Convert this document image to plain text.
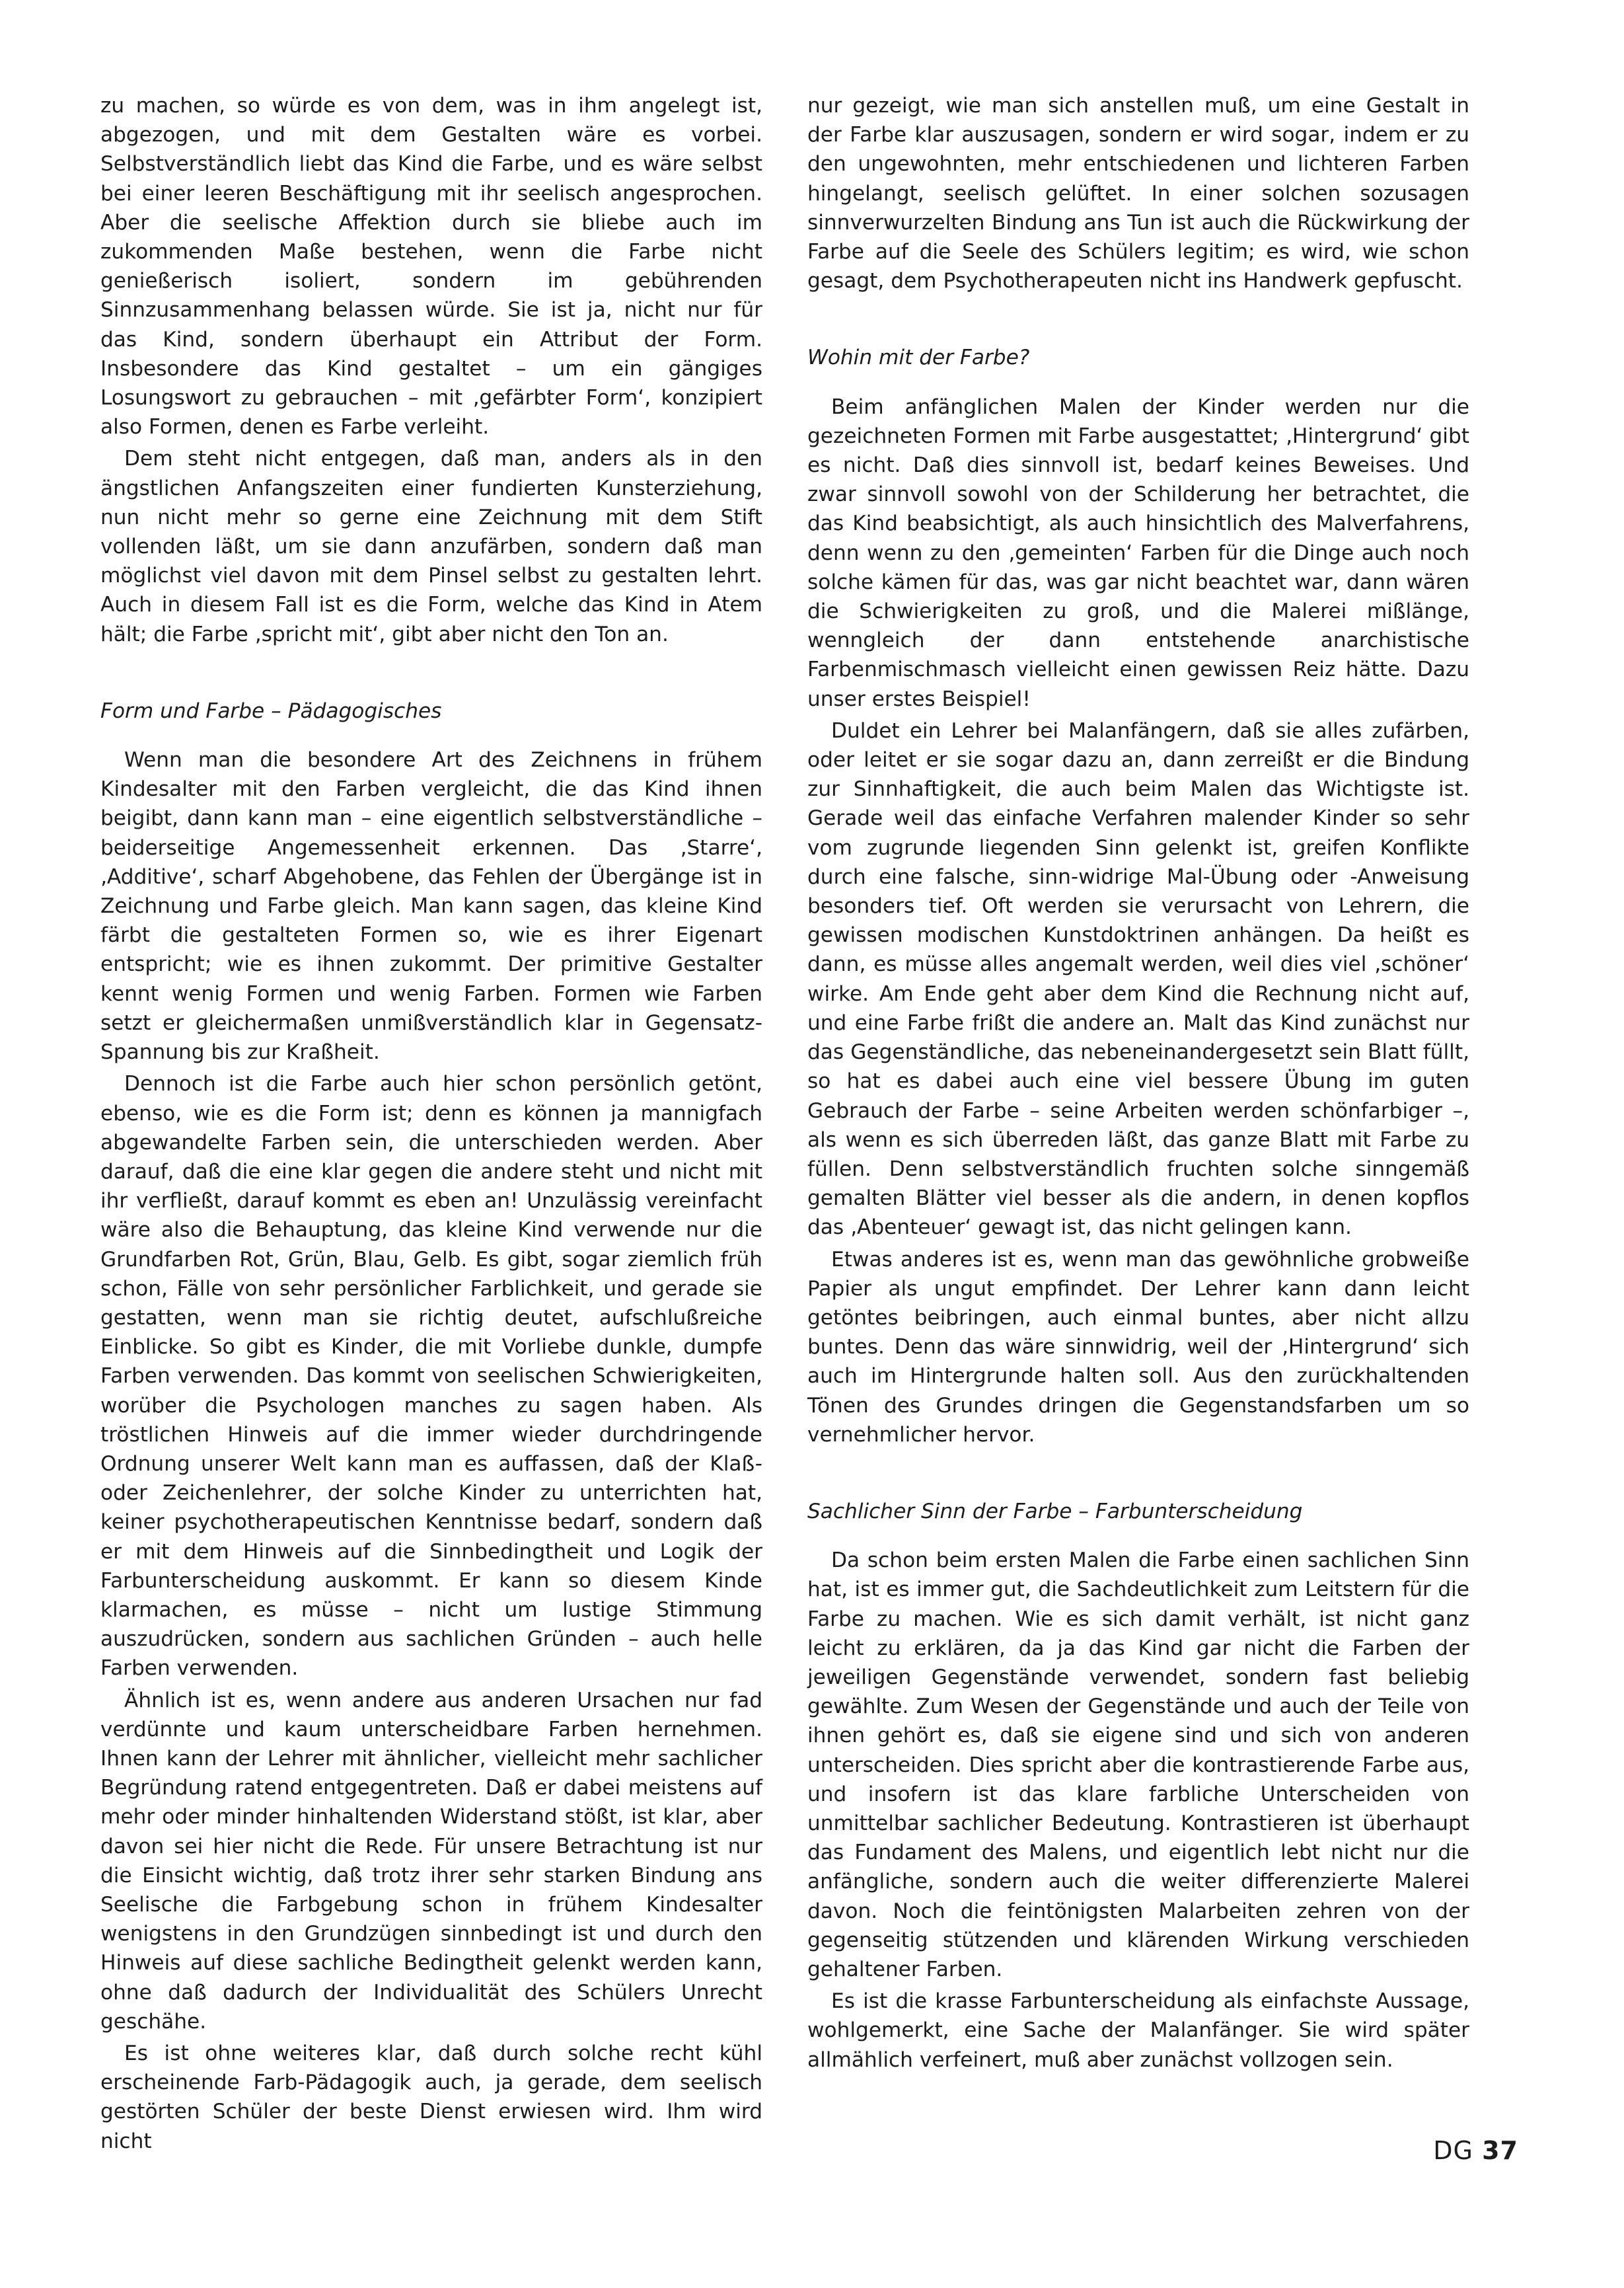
zu machen, so würde es von dem, was in ihm angelegt ist, abgezogen, und mit dem Gestalten wäre es vorbei. Selbstverständlich liebt das Kind die Farbe, und es wäre selbst bei einer leeren Beschäftigung mit ihr seelisch angesprochen. Aber die seelische Affektion durch sie bliebe auch im zukommenden Maße bestehen, wenn die Farbe nicht genießerisch isoliert, sondern im gebührenden Sinnzusammenhang belassen würde. Sie ist ja, nicht nur für das Kind, sondern überhaupt ein Attribut der Form. Insbesondere das Kind gestaltet – um ein gängiges Losungswort zu gebrauchen – mit ‚gefärbter Form‘, konzipiert also Formen, denen es Farbe verleiht.

Dem steht nicht entgegen, daß man, anders als in den ängstlichen Anfangszeiten einer fundierten Kunsterziehung, nun nicht mehr so gerne eine Zeichnung mit dem Stift vollenden läßt, um sie dann anzufärben, sondern daß man möglichst viel davon mit dem Pinsel selbst zu gestalten lehrt. Auch in diesem Fall ist es die Form, welche das Kind in Atem hält; die Farbe ‚spricht mit‘, gibt aber nicht den Ton an.

Form und Farbe – Pädagogisches

Wenn man die besondere Art des Zeichnens in frühem Kindesalter mit den Farben vergleicht, die das Kind ihnen beigibt, dann kann man – eine eigentlich selbstverständliche – beiderseitige Angemessenheit erkennen. Das ‚Starre‘, ‚Additive‘, scharf Abgehobene, das Fehlen der Übergänge ist in Zeichnung und Farbe gleich. Man kann sagen, das kleine Kind färbt die gestalteten Formen so, wie es ihrer Eigenart entspricht; wie es ihnen zukommt. Der primitive Gestalter kennt wenig Formen und wenig Farben. Formen wie Farben setzt er gleichermaßen unmißverständlich klar in Gegensatz-Spannung bis zur Kraßheit.

Dennoch ist die Farbe auch hier schon persönlich getönt, ebenso, wie es die Form ist; denn es können ja mannigfach abgewandelte Farben sein, die unterschieden werden. Aber darauf, daß die eine klar gegen die andere steht und nicht mit ihr verfließt, darauf kommt es eben an! Unzulässig vereinfacht wäre also die Behauptung, das kleine Kind verwende nur die Grundfarben Rot, Grün, Blau, Gelb. Es gibt, sogar ziemlich früh schon, Fälle von sehr persönlicher Farblichkeit, und gerade sie gestatten, wenn man sie richtig deutet, aufschlußreiche Einblicke. So gibt es Kinder, die mit Vorliebe dunkle, dumpfe Farben verwenden. Das kommt von seelischen Schwierigkeiten, worüber die Psychologen manches zu sagen haben. Als tröstlichen Hinweis auf die immer wieder durchdringende Ordnung unserer Welt kann man es auffassen, daß der Klaß- oder Zeichenlehrer, der solche Kinder zu unterrichten hat, keiner psychotherapeutischen Kenntnisse bedarf, sondern daß er mit dem Hinweis auf die Sinnbedingtheit und Logik der Farbunterscheidung auskommt. Er kann so diesem Kinde klarmachen, es müsse – nicht um lustige Stimmung auszudrücken, sondern aus sachlichen Gründen – auch helle Farben verwenden.

Ähnlich ist es, wenn andere aus anderen Ursachen nur fad verdünnte und kaum unterscheidbare Farben hernehmen. Ihnen kann der Lehrer mit ähnlicher, vielleicht mehr sachlicher Begründung ratend entgegentreten. Daß er dabei meistens auf mehr oder minder hinhaltenden Widerstand stößt, ist klar, aber davon sei hier nicht die Rede. Für unsere Betrachtung ist nur die Einsicht wichtig, daß trotz ihrer sehr starken Bindung ans Seelische die Farbgebung schon in frühem Kindesalter wenigstens in den Grundzügen sinnbedingt ist und durch den Hinweis auf diese sachliche Bedingtheit gelenkt werden kann, ohne daß dadurch der Individualität des Schülers Unrecht geschähe.

Es ist ohne weiteres klar, daß durch solche recht kühl erscheinende Farb-Pädagogik auch, ja gerade, dem seelisch gestörten Schüler der beste Dienst erwiesen wird. Ihm wird nicht

nur gezeigt, wie man sich anstellen muß, um eine Gestalt in der Farbe klar auszusagen, sondern er wird sogar, indem er zu den ungewohnten, mehr entschiedenen und lichteren Farben hingelangt, seelisch gelüftet. In einer solchen sozusagen sinnverwurzelten Bindung ans Tun ist auch die Rückwirkung der Farbe auf die Seele des Schülers legitim; es wird, wie schon gesagt, dem Psychotherapeuten nicht ins Handwerk gepfuscht.

Wohin mit der Farbe?

Beim anfänglichen Malen der Kinder werden nur die gezeichneten Formen mit Farbe ausgestattet; ‚Hintergrund‘ gibt es nicht. Daß dies sinnvoll ist, bedarf keines Beweises. Und zwar sinnvoll sowohl von der Schilderung her betrachtet, die das Kind beabsichtigt, als auch hinsichtlich des Malverfahrens, denn wenn zu den ‚gemeinten‘ Farben für die Dinge auch noch solche kämen für das, was gar nicht beachtet war, dann wären die Schwierigkeiten zu groß, und die Malerei mißlänge, wenngleich der dann entstehende anarchistische Farbenmischmasch vielleicht einen gewissen Reiz hätte. Dazu unser erstes Beispiel!

Duldet ein Lehrer bei Malanfängern, daß sie alles zufärben, oder leitet er sie sogar dazu an, dann zerreißt er die Bindung zur Sinnhaftigkeit, die auch beim Malen das Wichtigste ist. Gerade weil das einfache Verfahren malender Kinder so sehr vom zugrunde liegenden Sinn gelenkt ist, greifen Konflikte durch eine falsche, sinn-widrige Mal-Übung oder -Anweisung besonders tief. Oft werden sie verursacht von Lehrern, die gewissen modischen Kunstdoktrinen anhängen. Da heißt es dann, es müsse alles angemalt werden, weil dies viel ‚schöner‘ wirke. Am Ende geht aber dem Kind die Rechnung nicht auf, und eine Farbe frißt die andere an. Malt das Kind zunächst nur das Gegenständliche, das nebeneinandergesetzt sein Blatt füllt, so hat es dabei auch eine viel bessere Übung im guten Gebrauch der Farbe – seine Arbeiten werden schönfarbiger –, als wenn es sich überreden läßt, das ganze Blatt mit Farbe zu füllen. Denn selbstverständlich fruchten solche sinngemäß gemalten Blätter viel besser als die andern, in denen kopflos das ‚Abenteuer‘ gewagt ist, das nicht gelingen kann.

Etwas anderes ist es, wenn man das gewöhnliche grobweiße Papier als ungut empfindet. Der Lehrer kann dann leicht getöntes beibringen, auch einmal buntes, aber nicht allzu buntes. Denn das wäre sinnwidrig, weil der ‚Hintergrund‘ sich auch im Hintergrunde halten soll. Aus den zurückhaltenden Tönen des Grundes dringen die Gegenstandsfarben um so vernehmlicher hervor.

Sachlicher Sinn der Farbe – Farbunterscheidung

Da schon beim ersten Malen die Farbe einen sachlichen Sinn hat, ist es immer gut, die Sachdeutlichkeit zum Leitstern für die Farbe zu machen. Wie es sich damit verhält, ist nicht ganz leicht zu erklären, da ja das Kind gar nicht die Farben der jeweiligen Gegenstände verwendet, sondern fast beliebig gewählte. Zum Wesen der Gegenstände und auch der Teile von ihnen gehört es, daß sie eigene sind und sich von anderen unterscheiden. Dies spricht aber die kontrastierende Farbe aus, und insofern ist das klare farbliche Unterscheiden von unmittelbar sachlicher Bedeutung. Kontrastieren ist überhaupt das Fundament des Malens, und eigentlich lebt nicht nur die anfängliche, sondern auch die weiter differenzierte Malerei davon. Noch die feintönigsten Malarbeiten zehren von der gegenseitig stützenden und klärenden Wirkung verschieden gehaltener Farben.

Es ist die krasse Farbunterscheidung als einfachste Aussage, wohlgemerkt, eine Sache der Malanfänger. Sie wird später allmählich verfeinert, muß aber zunächst vollzogen sein.

DG 37
